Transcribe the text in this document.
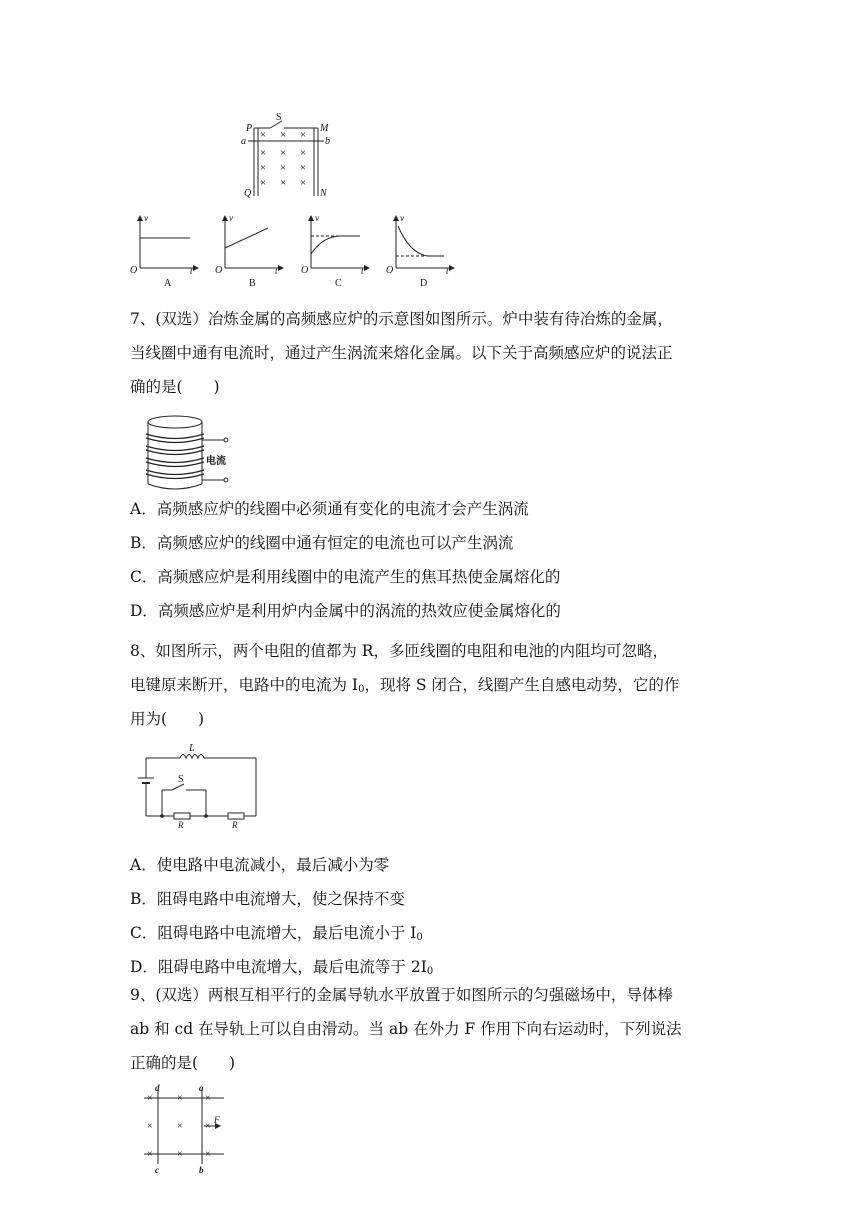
S
P	M
a	b
Q	N
× × ×
× × ×
× × ×
× × ×
v
O	t
A
v
O	t
B
v
O	t
C
v
O	t
D
7、(双选）冶炼金属的高频感应炉的示意图如图所示。炉中装有待冶炼的金属，
当线圈中通有电流时，通过产生涡流来熔化金属。以下关于高频感应炉的说法正
确的是(　　)
电流
A．高频感应炉的线圈中必须通有变化的电流才会产生涡流
B．高频感应炉的线圈中通有恒定的电流也可以产生涡流
C．高频感应炉是利用线圈中的电流产生的焦耳热使金属熔化的
D．高频感应炉是利用炉内金属中的涡流的热效应使金属熔化的
8、如图所示，两个电阻的值都为 R，多匝线圈的电阻和电池的内阻均可忽略，
电键原来断开，电路中的电流为 $I_0$，现将 S 闭合，线圈产生自感电动势，它的作
用为(　　)
L
R	R
S
A．使电路中电流减小，最后减小为零
B．阻碍电路中电流增大，使之保持不变
C．阻碍电路中电流增大，最后电流小于 $I_0$
D．阻碍电路中电流增大，最后电流等于 $2I_0$
9、(双选）两根互相平行的金属导轨水平放置于如图所示的匀强磁场中，导体棒
ab 和 cd 在导轨上可以自由滑动。当 ab 在外力 F 作用下向右运动时，下列说法
正确的是(　　)
d	a
c	b
F
× × ×
× × ×
× × ×
